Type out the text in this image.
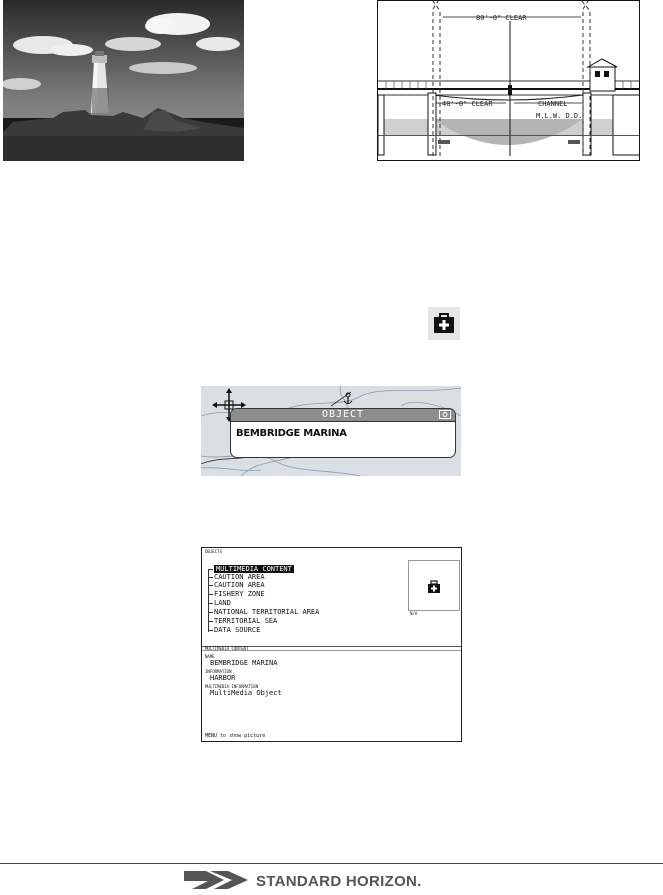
80'-0" CLEAR
40'-0" CLEAR	CHANNEL
M.L.W. D.D.
OBJECT
BEMBRIDGE MARINA
OBJECTS
MULTIMEDIA CONTENT
CAUTION AREA
CAUTION AREA
FISHERY ZONE
LAND
NATIONAL TERRITORIAL AREA
TERRITORIAL SEA
DATA SOURCE
N/A
MULTIMEDIA CONTENT
NAME
BEMBRIDGE MARINA
INFORMATION
HARBOR
MULTIMEDIA INFORMATION
MultiMedia Object
MENU to show picture
STANDARD HORIZON.
